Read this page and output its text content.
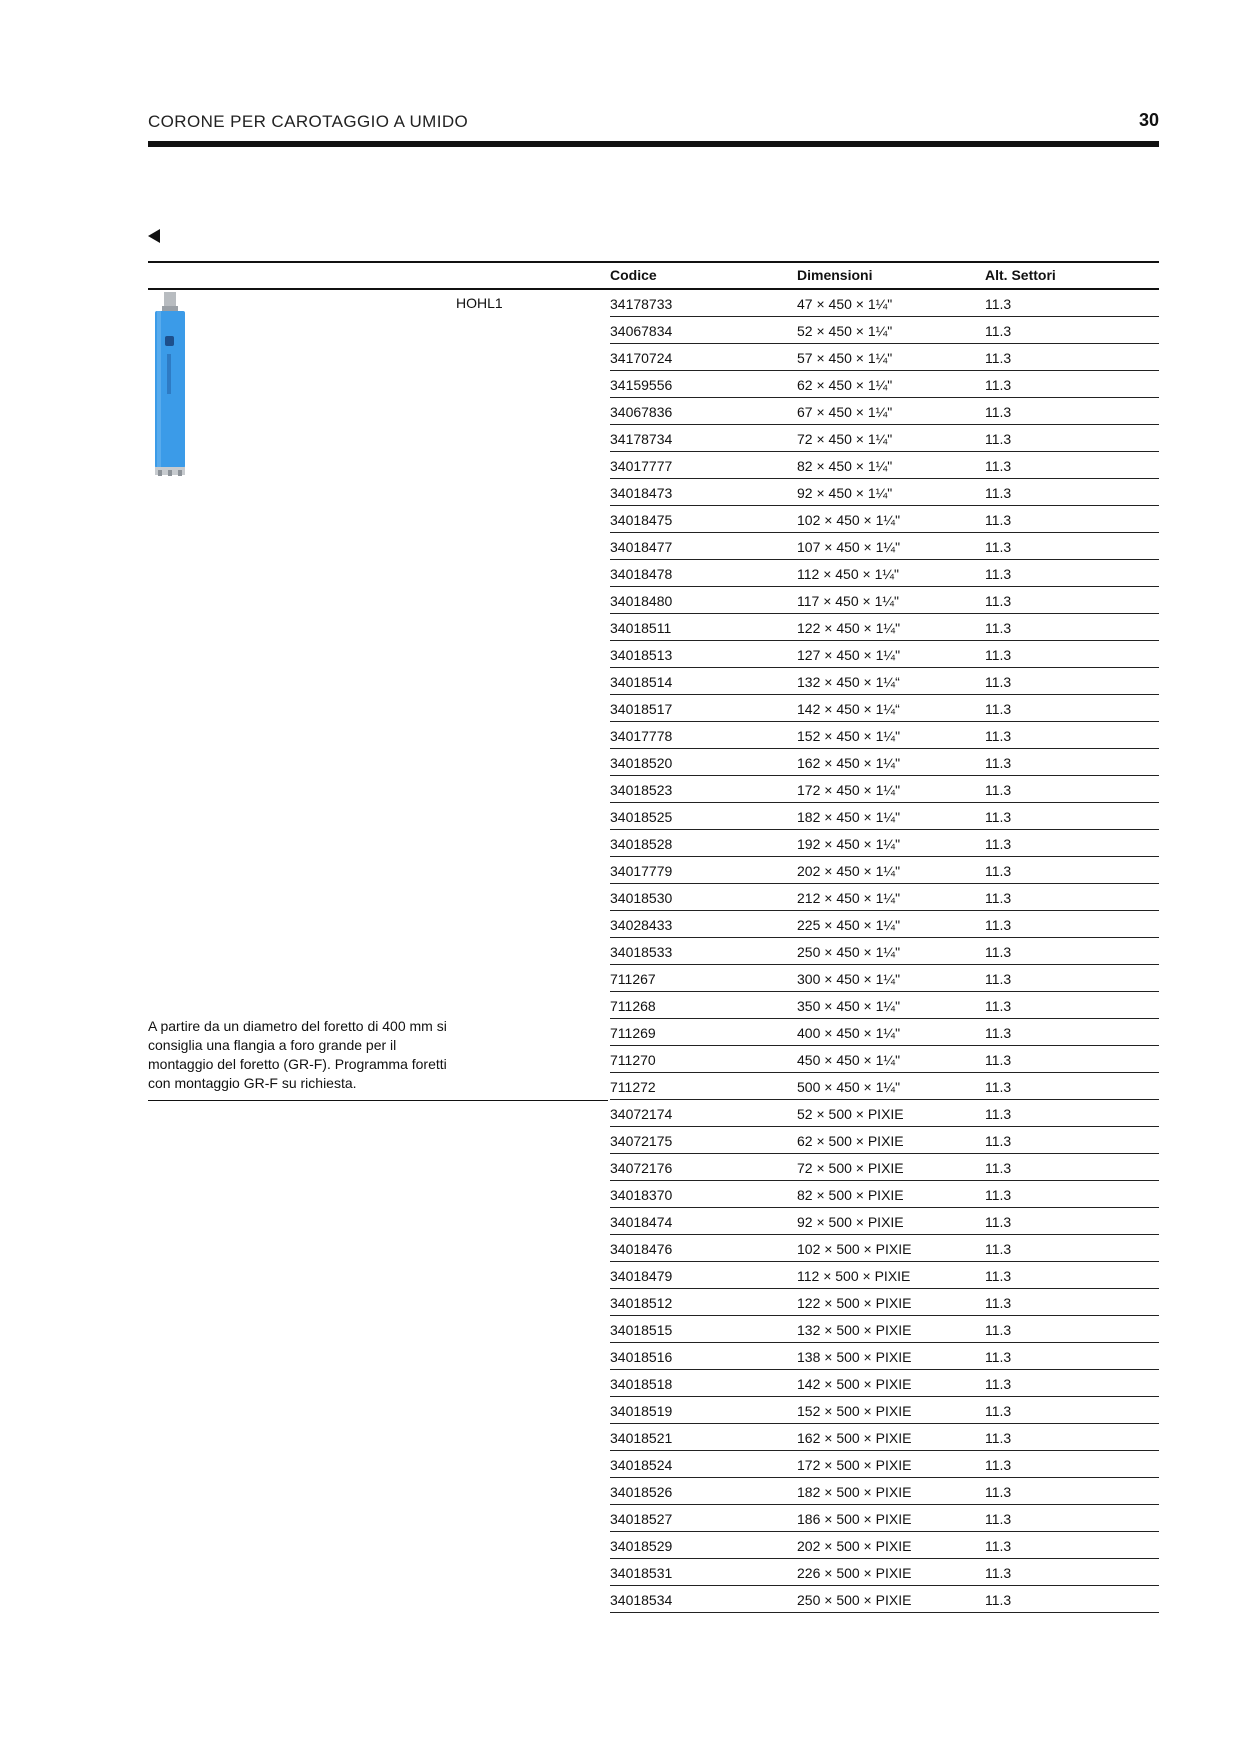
CORONE PER CAROTAGGIO A UMIDO	30
Codice	Dimensioni	Alt. Settori
HOHL1
A partire da un diametro del foretto di 400 mm si consiglia una flangia a foro grande per il montaggio del foretto (GR-F). Programma foretti con montaggio GR-F su richiesta.
34178733	47 × 450 × 1¼"	11.3
34067834	52 × 450 × 1¼"	11.3
34170724	57 × 450 × 1¼"	11.3
34159556	62 × 450 × 1¼"	11.3
34067836	67 × 450 × 1¼"	11.3
34178734	72 × 450 × 1¼"	11.3
34017777	82 × 450 × 1¼"	11.3
34018473	92 × 450 × 1¼"	11.3
34018475	102 × 450 × 1¼"	11.3
34018477	107 × 450 × 1¼"	11.3
34018478	112 × 450 × 1¼"	11.3
34018480	117 × 450 × 1¼"	11.3
34018511	122 × 450 × 1¼"	11.3
34018513	127 × 450 × 1¼"	11.3
34018514	132 × 450 × 1¼“	11.3
34018517	142 × 450 × 1¼“	11.3
34017778	152 × 450 × 1¼"	11.3
34018520	162 × 450 × 1¼"	11.3
34018523	172 × 450 × 1¼"	11.3
34018525	182 × 450 × 1¼"	11.3
34018528	192 × 450 × 1¼"	11.3
34017779	202 × 450 × 1¼"	11.3
34018530	212 × 450 × 1¼"	11.3
34028433	225 × 450 × 1¼"	11.3
34018533	250 × 450 × 1¼"	11.3
711267	300 × 450 × 1¼"	11.3
711268	350 × 450 × 1¼"	11.3
711269	400 × 450 × 1¼"	11.3
711270	450 × 450 × 1¼"	11.3
711272	500 × 450 × 1¼"	11.3
34072174	52 × 500 × PIXIE	11.3
34072175	62 × 500 × PIXIE	11.3
34072176	72 × 500 × PIXIE	11.3
34018370	82 × 500 × PIXIE	11.3
34018474	92 × 500 × PIXIE	11.3
34018476	102 × 500 × PIXIE	11.3
34018479	112 × 500 × PIXIE	11.3
34018512	122 × 500 × PIXIE	11.3
34018515	132 × 500 × PIXIE	11.3
34018516	138 × 500 × PIXIE	11.3
34018518	142 × 500 × PIXIE	11.3
34018519	152 × 500 × PIXIE	11.3
34018521	162 × 500 × PIXIE	11.3
34018524	172 × 500 × PIXIE	11.3
34018526	182 × 500 × PIXIE	11.3
34018527	186 × 500 × PIXIE	11.3
34018529	202 × 500 × PIXIE	11.3
34018531	226 × 500 × PIXIE	11.3
34018534	250 × 500 × PIXIE	11.3
